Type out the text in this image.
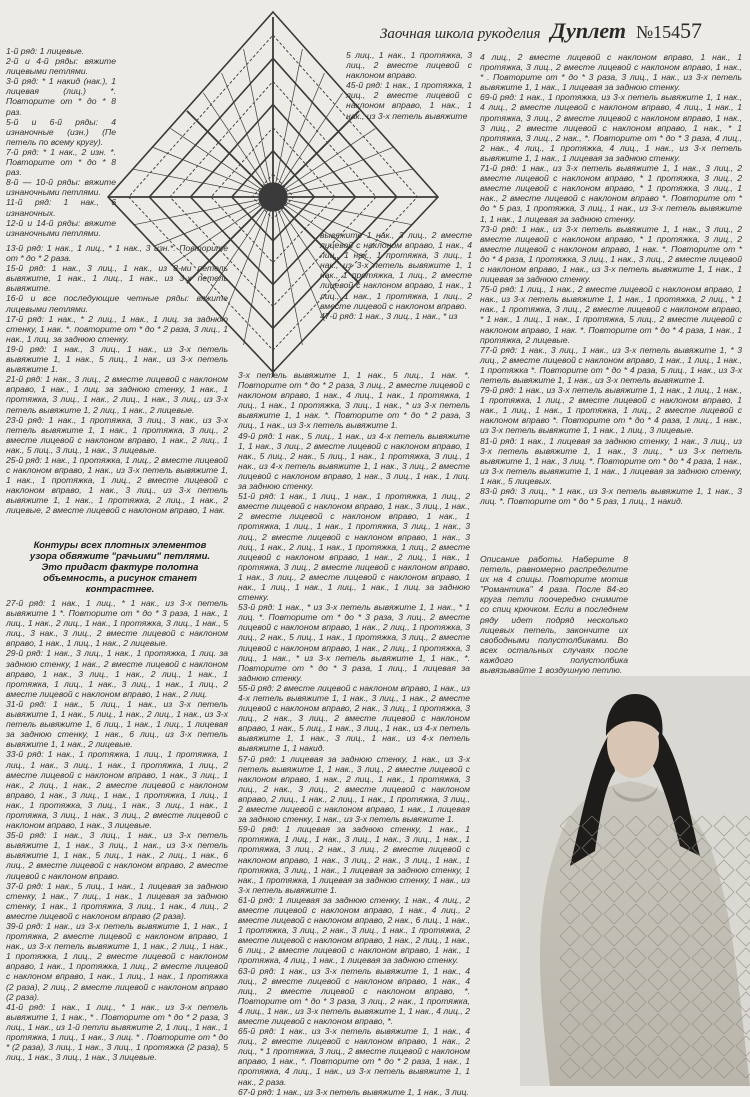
Заочная школа рукоделия Дуплет №154 57

1-й ряд: 1 лицевые.

2-й и 4-й ряды: вяжите лицевыми петлями.

3-й ряд: * 1 накид (нак.), 1 лицевая (лиц.) *. Повторите от * до * 8 раз.

5-й и 6-й ряды: 4 изнаночные (изн.) (Пе петель по всему кругу).

7-й ряд: * 1 нак., 2 изн. *. Повторите от * до * 8 раз.

8-й — 10-й ряды: вяжите изнаночными петлями.

11-й ряд: 1 нак., 6 изнаночных.

12-й и 14-й ряды: вяжите изнаночными петлями.

13-й ряд: 1 нак., 1 лиц., * 1 нак., 3 изн.*. Повторите от * до * 2 раза.

15-й ряд: 1 нак., 3 лиц., 1 нак., из 8-ми петель вывяжите, 1 нак., 1 лиц., 1 нак., из 3-х петель вывяжите.

16-й и все последующие четные ряды: вяжите лицевыми петлями.

17-й ряд: 1 нак., * 2 лиц., 1 нак., 1 лиц. за заднюю стенку, 1 нак. *. повторите от * до * 2 раза, 3 лиц., 1 нак., 1 лиц. за заднюю стенку.

19-й ряд: 1 нак., 3 лиц., 1 нак., из 3-х петель вывяжите 1, 1 нак., 5 лиц., 1 нак., из 3-х петель вывяжите 1.

21-й ряд: 1 нак., 3 лиц., 2 вместе лицевой с наклоном вправо, 1 нак., 1 лиц. за заднюю стенку, 1 нак., 1 протяжка, 3 лиц., 1 нак., 2 лиц., 1 нак., 3 лиц., из 3-х петель вывяжите 1, 2 лиц., 1 нак., 2 лицевые.

23-й ряд: 1 нак., 1 протяжка, 3 лиц., 3 нак., из 3-х петель вывяжите 1, 1 нак., 1 протяжка, 3 лиц., 2 вместе лицевой с наклоном вправо, 1 нак., 2 лиц., 1 нак., 5 лиц., 3 лиц., 1 нак., 3 лицевые.

25-й ряд: 1 нак., 1 протяжка, 1 лиц., 2 вместе лицевой с наклоном вправо, 1 нак., из 3-х петель вывяжите 1, 1 нак., 1 протяжка, 1 лиц., 2 вместе лицевой с наклоном вправо, 1 нак., 3 лиц., из 3-х петель вывяжите 1, 1 нак., 1 протяжка, 2 лиц., 1 нак., 2 лицевые, 2 вместе лицевой с наклоном вправо, 1 нак.

Контуры всех плотных элементов узора обвяжите "рачьими" петлями. Это придаст фактуре полотна объемность, а рисунок станет контрастнее.

27-й ряд: 1 нак., 1 лиц., * 1 нак., из 3-х петель вывяжите 1 *. Повторите от * до * 3 раза, 1 нак., 1 лиц., 1 нак., 2 лиц., 1 нак., 1 протяжка, 3 лиц., 1 нак., 5 лиц., 3 нак., 3 лиц., 2 вместе лицевой с наклоном вправо, 1 нак., 1 лиц., 1 нак., 2 лицевые.

29-й ряд: 1 нак., 3 лиц., 1 нак., 1 протяжка, 1 лиц. за заднюю стенку, 1 нак., 2 вместе лицевой с наклоном вправо, 1 нак., 3 лиц., 1 нак., 2 лиц., 1 нак., 1 протяжка, 1 лиц., 1 нак., 3 лиц., 1 нак., 1 лиц., 2 вместе лицевой с наклоном вправо, 1 нак., 2 лиц.

31-й ряд: 1 нак., 5 лиц., 1 нак., из 3-х петель вывяжите 1, 1 нак., 5 лиц., 1 нак., 2 лиц., 1 нак., из 3-х петель вывяжите 1, 6 лиц., 1 нак., 1 лиц., 1 лицевая за заднюю стенку, 1 нак., 6 лиц., из 3-х петель вывяжите 1, 1 нак., 2 лицевые.

33-й ряд: 1 нак., 1 протяжка, 1 лиц., 1 протяжка, 1 лиц., 1 нак., 3 лиц., 1 нак., 1 протяжка, 1 лиц., 2 вместе лицевой с наклоном вправо, 1 нак., 3 лиц., 1 нак., 2 лиц., 1 нак., 2 вместе лицевой с наклоном вправо, 1 нак., 3 лиц., 1 нак., 1 протяжка, 1 лиц., 1 нак., 1 протяжка, 3 лиц., 1 нак., 3 лиц., 1 нак., 1 протяжка, 3 лиц., 1 нак., 3 лиц., 2 вместе лицевой с наклоном вправо, 1 нак., 3 лицевые.

35-й ряд: 1 нак., 3 лиц., 1 нак., из 3-х петель вывяжите 1, 1 нак., 3 лиц., 1 нак., из 3-х петель вывяжите 1, 1 нак., 5 лиц., 1 нак., 2 лиц., 1 нак., 6 лиц., 2 вместе лицевой с наклоном вправо, 2 вместе лицевой с наклоном вправо.

37-й ряд: 1 нак., 5 лиц., 1 нак., 1 лицевая за заднюю стенку, 1 нак., 7 лиц., 1 нак., 1 лицевая за заднюю стенку, 1 нак., 1 протяжка, 3 лиц., 1 нак., 4 лиц., 2 вместе лицевой с наклоном вправо (2 раза).

39-й ряд: 1 нак., из 3-х петель вывяжите 1, 1 нак., 1 протяжка, 2 вместе лицевой с наклоном вправо, 1 нак., из 3-х петель вывяжите 1, 1 нак., 2 лиц., 1 нак., 1 протяжка, 1 лиц., 2 вместе лицевой с наклоном вправо, 1 нак., 1 протяжка, 1 лиц., 2 вместе лицевой с наклоном вправо, 1 нак., 1 лиц., 1 нак., 1 протяжка (2 раза), 2 лиц., 2 вместе лицевой с наклоном вправо (2 раза).

41-й ряд: 1 нак., 1 лиц., * 1 нак., из 3-х петель вывяжите 1, 1 нак., * . Повторите от * до * 2 раза, 3 лиц., 1 нак., из 1-й петли вывяжите 2, 1 лиц., 1 нак., 1 протяжка, 1 лиц., 1 нак., 3 лиц. * . Повторите от * до * (2 раза), 3 лиц., 1 нак., 3 лиц., 1 протяжка (2 раза), 5 лиц., 1 нак., 3 лиц., 1 нак., 3 лицевые.

5 лиц., 1 нак., 1 протяжка, 3 лиц., 2 вместе лицевой с наклоном вправо.

45-й ряд: 1 нак., 1 протяжка, 1 лиц., 2 вместе лицевой с наклоном вправо, 1 нак., 1 нак., из 3-х петель вывяжите

вывяжите 1 нак., 3 лиц., 2 вместе лицевой с наклоном вправо, 1 нак., 4 лиц., 1 нак., 1 протяжка, 3 лиц., 1 нак., из 3-х петель вывяжите 1, 1 нак., 1 протяжка, 1 лиц., 2 вместе лицевой с наклоном вправо, 1 нак., 1 лиц., 1 нак., 1 протяжка, 1 лиц., 2 вместе лицевой с наклоном вправо.

47-й ряд: 1 нак., 3 лиц., 1 нак., * из

3-х петель вывяжите 1, 1 нак., 5 лиц., 1 нак. *. Повторите от * до * 2 раза, 3 лиц., 2 вместе лицевой с наклоном вправо, 1 нак., 4 лиц., 1 нак., 1 протяжка, 1 лиц., 1 нак., 1 протяжка, 3 лиц., 1 нак., * из 3-х петель вывяжите 1, 1 нак. *. Повторите от * до * 2 раза, 3 лиц., 1 нак., из 3-х петель вывяжите 1.

49-й ряд: 1 нак., 5 лиц., 1 нак., из 4-х петель вывяжите 1, 1 нак., 3 лиц., 2 вместе лицевой с наклоном вправо, 1 нак., 5 лиц., 2 нак., 5 лиц., 1 нак., 1 протяжка, 3 лиц., 1 нак., из 4-х петель вывяжите 1, 1 нак., 3 лиц., 2 вместе лицевой с наклоном вправо, 1 нак., 3 лиц., 1 нак., 1 лиц. за заднюю стенку.

51-й ряд: 1 нак., 1 лиц., 1 нак., 1 протяжка, 1 лиц., 2 вместе лицевой с наклоном вправо, 1 нак., 3 лиц., 1 нак., 2 вместе лицевой с наклоном вправо, 1 нак., 1 протяжка, 1 лиц., 1 нак., 1 протяжка, 3 лиц., 1 нак., 3 лиц., 2 вместе лицевой с наклоном вправо, 1 нак., 3 лиц., 1 нак., 2 лиц., 1 нак., 1 протяжка, 1 лиц., 2 вместе лицевой с наклоном вправо, 1 нак., 2 лиц., 1 нак., 1 протяжка, 3 лиц., 2 вместе лицевой с наклоном вправо, 1 нак., 3 лиц., 2 вместе лицевой с наклоном вправо, 1 нак., 1 лиц., 1 нак., 1 лиц., 1 нак., 1 лиц. за заднюю стенку.

53-й ряд: 1 нак., * из 3-х петель вывяжите 1, 1 нак., * 1 лиц. *. Повторите от * до * 3 раза, 3 лиц., 2 вместе лицевой с наклоном вправо, 1 нак., 2 лиц., 1 протяжка, 3 лиц., 2 нак., 5 лиц., 1 нак., 1 протяжка, 3 лиц., 2 вместе лицевой с наклоном вправо, 1 нак., 2 лиц., 1 протяжка, 3 лиц., 1 нак., * из 3-х петель вывяжите 1, 1 нак., *. Повторите от * до * 3 раза, 1 лиц., 1 лицевая за заднюю стенку.

55-й ряд: 2 вместе лицевой с наклоном вправо, 1 нак., из 4-х петель вывяжите 1, 1 нак., 3 лиц., 1 нак., 2 вместе лицевой с наклоном вправо, 2 нак., 3 лиц., 1 протяжка, 3 лиц., 2 нак., 3 лиц., 2 вместе лицевой с наклоном вправо, 1 нак., 5 лиц., 1 нак., 3 лиц., 1 нак., из 4-х петель вывяжите 1, 1 нак., 3 лиц., 1 нак., из 4-х петель вывяжите 1, 1 накид.

57-й ряд: 1 лицевая за заднюю стенку, 1 нак., из 3-х петель вывяжите 1, 1 нак., 3 лиц., 2 вместе лицевой с наклоном вправо, 1 нак., 2 лиц., 1 нак., 1 протяжка, 3 лиц., 2 нак., 3 лиц., 2 вместе лицевой с наклоном вправо, 2 лиц., 1 нак., 2 лиц., 1 нак., 1 протяжка, 3 лиц., 2 вместе лицевой с наклоном вправо, 1 нак., 1 лицевая за заднюю стенку, 1 нак., из 3-х петель вывяжите 1.

59-й ряд: 1 лицевая за заднюю стенку, 1 нак., 1 протяжка, 1 лиц., 1 нак., 3 лиц., 1 нак., 3 лиц., 1 нак., 1 протяжка, 3 лиц., 2 нак., 3 лиц., 2 вместе лицевой с наклоном вправо, 1 нак., 3 лиц., 2 нак., 3 лиц., 1 нак., 1 протяжка, 3 лиц., 1 нак., 1 лицевая за заднюю стенку, 1 нак., 1 протяжка, 1 лицевая за заднюю стенку, 1 нак., из 3-х петель вывяжите 1.

61-й ряд: 1 лицевая за заднюю стенку, 1 нак., 4 лиц., 2 вместе лицевой с наклоном вправо, 1 нак., 4 лиц., 2 вместе лицевой с наклоном вправо, 2 нак., 6 лиц., 1 нак., 1 протяжка, 3 лиц., 2 нак., 3 лиц., 1 нак., 1 протяжка, 2 вместе лицевой с наклоном вправо, 1 нак., 2 лиц., 1 нак., 6 лиц., 2 вместе лицевой с наклоном вправо, 1 нак., 1 протяжка, 4 лиц., 1 нак., 1 лицевая за заднюю стенку.

63-й ряд: 1 нак., из 3-х петель вывяжите 1, 1 нак., 4 лиц., 2 вместе лицевой с наклоном вправо, 1 нак., 4 лиц., 2 вместе лицевой с наклоном вправо, *. Повторите от * до * 3 раза, 3 лиц., 2 нак., 1 протяжка, 4 лиц., 1 нак., из 3-х петель вывяжите 1, 1 нак., 4 лиц., 2 вместе лицевой с наклоном вправо, *.

65-й ряд: 1 нак., из 3-х петель вывяжите 1, 1 нак., 4 лиц., 2 вместе лицевой с наклоном вправо, 1 нак., 2 лиц., * 1 протяжка, 3 лиц., 2 вместе лицевой с наклоном вправо, 1 нак., *. Повторите от * до * 2 раза, 1 нак., 1 протяжка, 4 лиц., 1 нак., из 3-х петель вывяжите 1, 1 нак., 2 раза.

67-й ряд: 1 нак., из 3-х петель вывяжите 1, 1 нак., 3 лиц.

4 лиц., 2 вместе лицевой с наклоном вправо, 1 нак., 1 протяжка, 3 лиц., 2 вместе лицевой с наклоном вправо, 1 нак., * . Повторите от * до * 3 раза, 3 лиц., 1 нак., из 3-х петель вывяжите 1, 1 нак., 1 лицевая за заднюю стенку.

69-й ряд: 1 нак., 1 протяжка, из 3-х петель вывяжите 1, 1 нак., 4 лиц., 2 вместе лицевой с наклоном вправо, 4 лиц., 1 нак., 1 протяжка, 3 лиц., 2 вместе лицевой с наклоном вправо, 1 нак., 3 лиц., 2 вместе лицевой с наклоном вправо, 1 нак., * 1 протяжка, 3 лиц., 2 нак., *. Повторите от * до * 3 раза, 4 лиц., 2 нак., 4 лиц., 1 протяжка, 4 лиц., 1 нак., из 3-х петель вывяжите 1, 1 нак., 1 лицевая за заднюю стенку.

71-й ряд: 1 нак., из 3-х петель вывяжите 1, 1 нак., 3 лиц., 2 вместе лицевой с наклоном вправо, * 1 протяжка, 3 лиц., 2 вместе лицевой с наклоном вправо, * 1 протяжка, 3 лиц., 1 нак., 2 вместе лицевой с наклоном вправо *. Повторите от * до * 5 раз, 1 протяжка, 3 лиц., 1 нак., из 3-х петель вывяжите 1, 1 нак., 1 лицевая за заднюю стенку.

73-й ряд: 1 нак., из 3-х петель вывяжите 1, 1 нак., 3 лиц., 2 вместе лицевой с наклоном вправо, * 1 протяжка, 3 лиц., 2 вместе лицевой с наклоном вправо, 1 нак. *. Повторите от * до * 4 раза, 1 протяжка, 3 лиц., 1 нак., 3 лиц., 2 вместе лицевой с наклоном вправо, 1 нак., из 3-х петель вывяжите 1, 1 нак., 1 лицевая за заднюю стенку.

75-й ряд: 1 лиц., 1 нак., 2 вместе лицевой с наклоном вправо, 1 нак., из 3-х петель вывяжите 1, 1 нак., 1 протяжка, 2 лиц., * 1 нак., 1 протяжка, 3 лиц., 2 вместе лицевой с наклоном вправо, * 1 нак., 1 лиц., 1 нак., 1 протяжка, 5 лиц., 2 вместе лицевой с наклоном вправо, 1 нак. *. Повторите от * до * 4 раза, 1 нак., 1 протяжка, 2 лицевые.

77-й ряд: 1 нак., 3 лиц., 1 нак., из 3-х петель вывяжите 1, * 3 лиц., 2 вместе лицевой с наклоном вправо, 1 нак., 1 лиц., 1 нак., 1 протяжка *. Повторите от * до * 4 раза, 5 лиц., 1 нак., из 3-х петель вывяжите 1, 1 нак., из 3-х петель вывяжите 1.

79-й ряд: 1 нак., из 3-х петель вывяжите 1, 1 нак., 1 лиц., 1 нак., 1 протяжка, 1 лиц., 2 вместе лицевой с наклоном вправо, 1 нак., 1 лиц., 1 нак., 1 протяжка, 1 лиц., 2 вместе лицевой с наклоном вправо *. Повторите от * до * 4 раза, 1 лиц., 1 нак., из 3-х петель вывяжите 1, 1 нак., 1 лиц., 3 лицевые.

81-й ряд: 1 нак., 1 лицевая за заднюю стенку, 1 нак., 3 лиц., из 3-х петель вывяжите 1, 1 нак., 3 лиц., * из 3-х петель вывяжите 1, 1 нак., 3 лиц. *. Повторите от * до * 4 раза, 1 нак., из 3-х петель вывяжите 1, 1 нак., 1 лицевая за заднюю стенку, 1 нак., 5 лицевых.

83-й ряд: 3 лиц., * 1 нак., из 3-х петель вывяжите 1, 1 нак., 3 лиц. *. Повторите от * до * 5 раз, 1 лиц., 1 накид.

Описание работы. Наберите 8 петель, равномерно распределите их на 4 спицы. Повторите мотив "Романтика" 4 раза. После 84-го круга петли поочередно снимите со спиц крючком. Если в последнем ряду идет подряд несколько лицевых петель, закончите их свободными полустолбиками. Во всех остальных случаях после каждого полустолбика вывязывайте 1 воздушную петлю.
